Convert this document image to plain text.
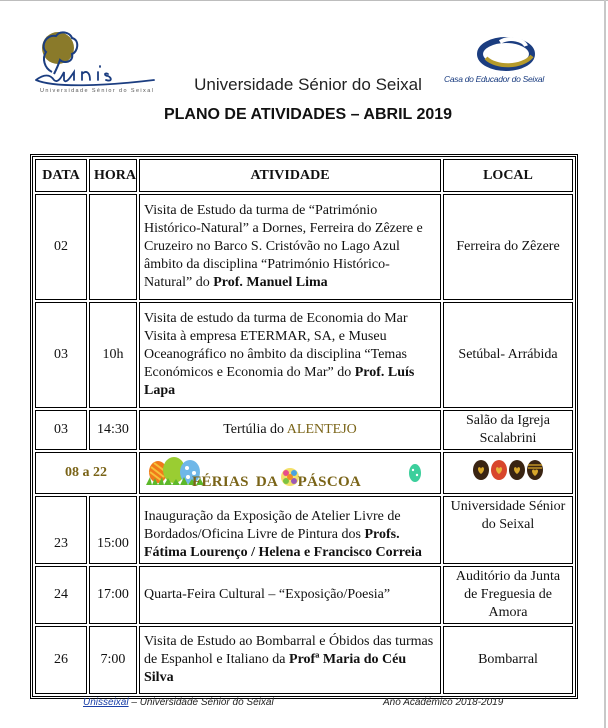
Universidade Sénior do Seixal
Casa do Educador do Seixal
Universidade Sénior do Seixal
PLANO DE ATIVIDADES – ABRIL 2019
DATA	HORA	ATIVIDADE	LOCAL
02		Visita de Estudo da turma de “Património Histórico-Natural” a Dornes, Ferreira do Zêzere e Cruzeiro no Barco S. Cristóvão no Lago Azul âmbito da disciplina “Património Histórico-Natural” do Prof. Manuel Lima	Ferreira do Zêzere
03	10h	Visita de estudo da turma de Economia do Mar Visita à empresa ETERMAR, SA, e Museu Oceanográfico no âmbito da disciplina “Temas Económicos e Economia do Mar” do Prof. Luís Lapa	Setúbal- Arrábida
03	14:30	Tertúlia do ALENTEJO	Salão da Igreja Scalabrini
08 a 22		FÉRIAS DA PÁSCOA

23	15:00	Inauguração da Exposição de Atelier Livre de Bordados/Oficina Livre de Pintura dos Profs. Fátima Lourenço / Helena e Francisco Correia	Universidade Sénior do Seixal
24	17:00	Quarta-Feira Cultural – “Exposição/Poesia”	Auditório da Junta de Freguesia de Amora
26	7:00	Visita de Estudo ao Bombarral e Óbidos das turmas de Espanhol e Italiano da Profª Maria do Céu Silva	Bombarral
Unisseixal – Universidade Sénior do Seixal	Ano Académico 2018-2019
